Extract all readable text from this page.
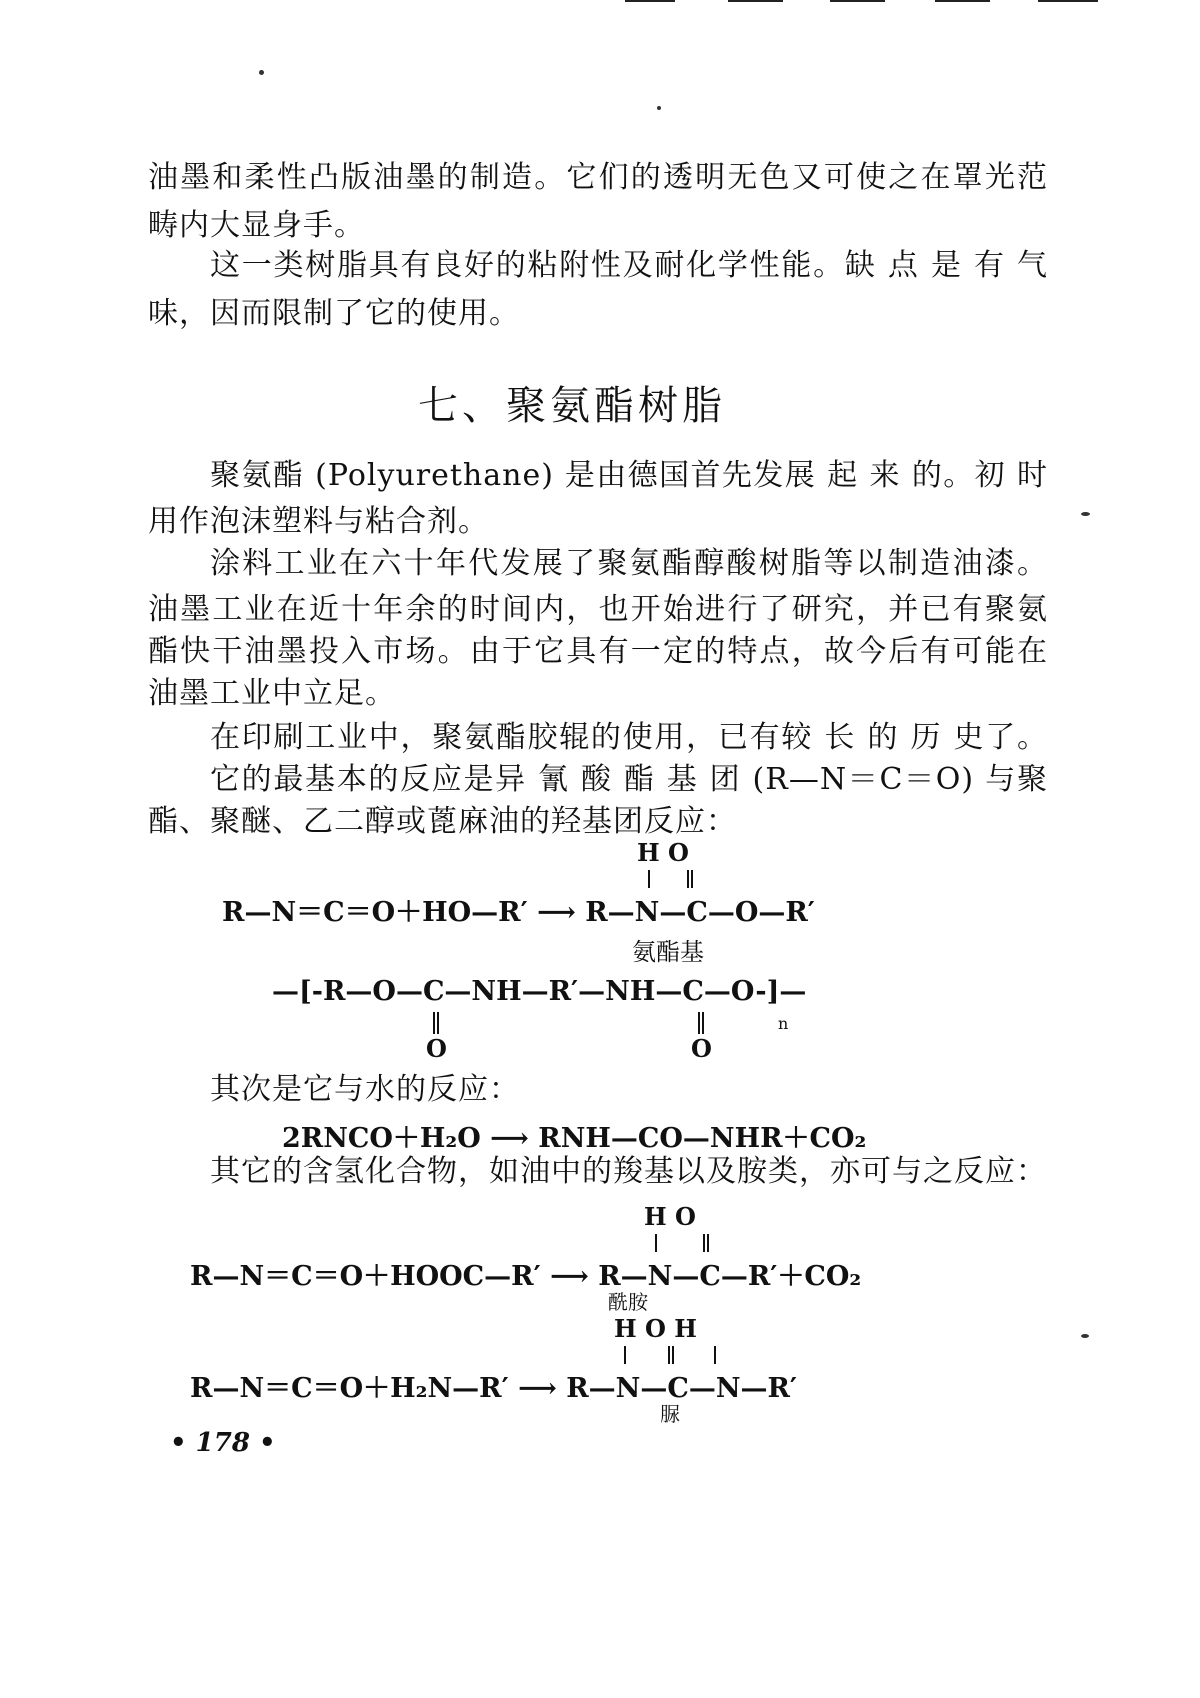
油墨和柔性凸版油墨的制造。它们的透明无色又可使之在罩光范
畴内大显身手。
这一类树脂具有良好的粘附性及耐化学性能。缺 点 是 有 气
味，因而限制了它的使用。
七、聚氨酯树脂
聚氨酯 (Polyurethane) 是由德国首先发展 起 来 的。初 时
用作泡沫塑料与粘合剂。
涂料工业在六十年代发展了聚氨酯醇酸树脂等以制造油漆。
油墨工业在近十年余的时间内，也开始进行了研究，并已有聚氨
酯快干油墨投入市场。由于它具有一定的特点，故今后有可能在
油墨工业中立足。
在印刷工业中，聚氨酯胶辊的使用，已有较 长 的 历 史了。
它的最基本的反应是异 氰 酸 酯 基 团 (R—N＝C＝O) 与聚
酯、聚醚、乙二醇或蓖麻油的羟基团反应：
H O
R—N＝C＝O＋HO—R′ ⟶ R—N—C—O—R′
氨酯基
—[-R—O—C—NH—R′—NH—C—O-]—
O	O
n
其次是它与水的反应：
2RNCO＋H₂O ⟶ RNH—CO—NHR＋CO₂
其它的含氢化合物，如油中的羧基以及胺类，亦可与之反应：
H O
R—N＝C＝O＋HOOC—R′ ⟶ R—N—C—R′＋CO₂
酰胺
H O H
R—N＝C＝O＋H₂N—R′ ⟶ R—N—C—N—R′
脲
• 178 •
